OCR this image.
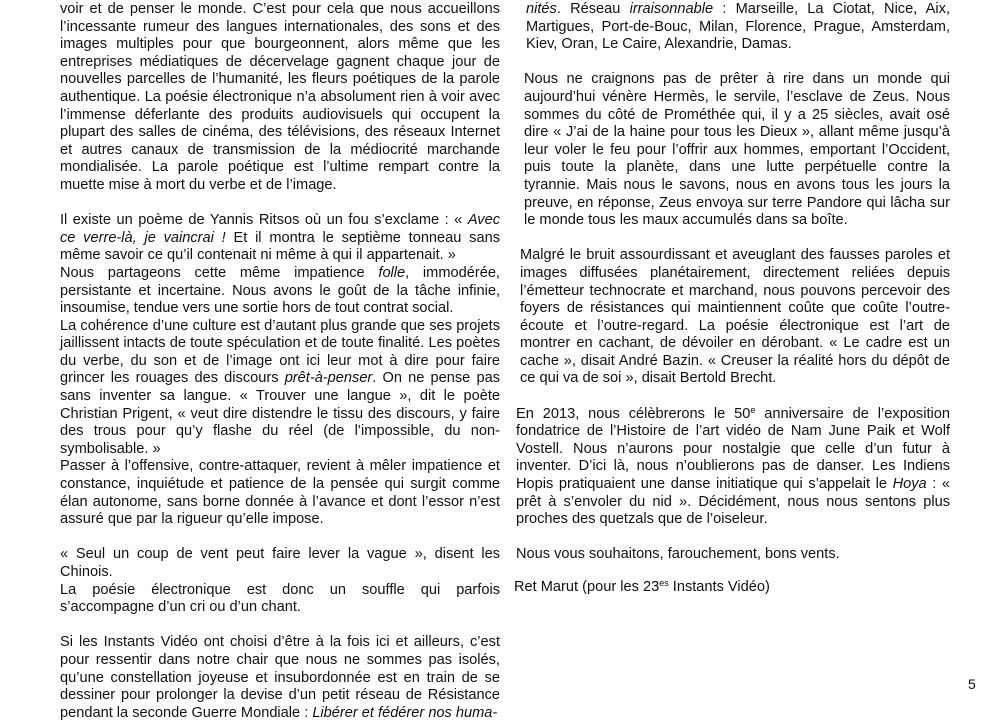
voir et de penser le monde. C’est pour cela que nous accueillons l’incessante rumeur des langues internationales, des sons et des images multiples pour que bourgeonnent, alors même que les entreprises médiatiques de décervelage gagnent chaque jour de nouvelles parcelles de l’humanité, les fleurs poétiques de la parole authentique. La poésie électronique n’a absolument rien à voir avec l’immense déferlante des produits audiovisuels qui occupent la plupart des salles de cinéma, des télévisions, des réseaux Internet et autres canaux de transmission de la médiocrité marchande mondialisée. La parole poétique est l’ultime rempart contre la muette mise à mort du verbe et de l’image.

Il existe un poème de Yannis Ritsos où un fou s’exclame : « Avec ce verre-là, je vaincrai ! Et il montra le septième tonneau sans même savoir ce qu’il contenait ni même à qui il appartenait. »

Nous partageons cette même impatience folle, immodérée, persistante et incertaine. Nous avons le goût de la tâche infinie, insoumise, tendue vers une sortie hors de tout contrat social.

La cohérence d’une culture est d’autant plus grande que ses projets jaillissent intacts de toute spéculation et de toute finalité. Les poètes du verbe, du son et de l’image ont ici leur mot à dire pour faire grincer les rouages des discours prêt-à-penser. On ne pense pas sans inventer sa langue. « Trouver une langue », dit le poète Christian Prigent, « veut dire distendre le tissu des discours, y faire des trous pour qu’y flashe du réel (de l’impossible, du non-symbolisable. »

Passer à l’offensive, contre-attaquer, revient à mêler impatience et constance, inquiétude et patience de la pensée qui surgit comme élan autonome, sans borne donnée à l’avance et dont l’essor n’est assuré que par la rigueur qu’elle impose.

« Seul un coup de vent peut faire lever la vague », disent les Chinois.

La poésie électronique est donc un souffle qui parfois s’accompagne d’un cri ou d’un chant.

Si les Instants Vidéo ont choisi d’être à la fois ici et ailleurs, c’est pour ressentir dans notre chair que nous ne sommes pas isolés, qu’une constellation joyeuse et insubordonnée est en train de se dessiner pour prolonger la devise d’un petit réseau de Résistance pendant la seconde Guerre Mondiale : Libérer et fédérer nos huma-

nités. Réseau irraisonnable : Marseille, La Ciotat, Nice, Aix, Martigues, Port-de-Bouc, Milan, Florence, Prague, Amsterdam, Kiev, Oran, Le Caire, Alexandrie, Damas.

Nous ne craignons pas de prêter à rire dans un monde qui aujourd’hui vénère Hermès, le servile, l’esclave de Zeus. Nous sommes du côté de Prométhée qui, il y a 25 siècles, avait osé dire « J’ai de la haine pour tous les Dieux », allant même jusqu’à leur voler le feu pour l’offrir aux hommes, emportant l’Occident, puis toute la planète, dans une lutte perpétuelle contre la tyrannie. Mais nous le savons, nous en avons tous les jours la preuve, en réponse, Zeus envoya sur terre Pandore qui lâcha sur le monde tous les maux accumulés dans sa boîte.

Malgré le bruit assourdissant et aveuglant des fausses paroles et images diffusées planétairement, directement reliées depuis l’émetteur technocrate et marchand, nous pouvons percevoir des foyers de résistances qui maintiennent coûte que coûte l’outre-écoute et l’outre-regard. La poésie électronique est l’art de montrer en cachant, de dévoiler en dérobant. « Le cadre est un cache », disait André Bazin. « Creuser la réalité hors du dépôt de ce qui va de soi », disait Bertold Brecht.

En 2013, nous célèbrerons le 50e anniversaire de l’exposition fondatrice de l’Histoire de l’art vidéo de Nam June Paik et Wolf Vostell. Nous n’aurons pour nostalgie que celle d’un futur à inventer. D’ici là, nous n’oublierons pas de danser. Les Indiens Hopis pratiquaient une danse initiatique qui s’appelait le Hoya : « prêt à s’envoler du nid ». Décidément, nous nous sentons plus proches des quetzals que de l’oiseleur.

Nous vous souhaitons, farouchement, bons vents.

Ret Marut (pour les $23^{es}$ Instants Vidéo)

5
